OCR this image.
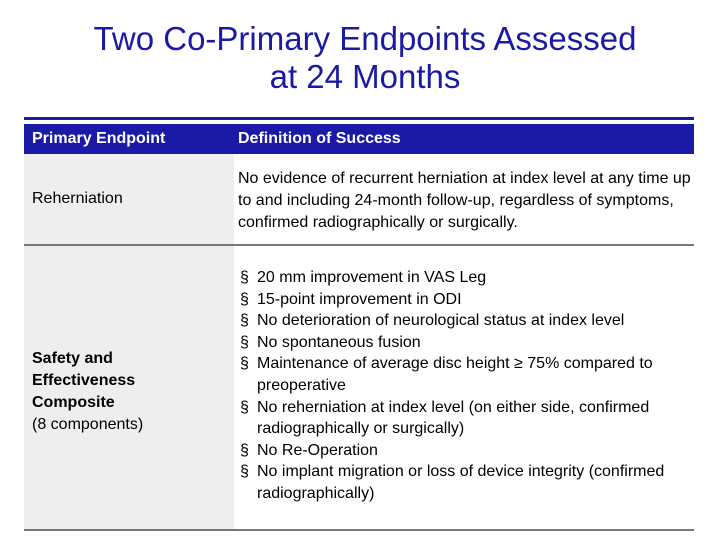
Two Co-Primary Endpoints Assessed
at 24 Months
Primary Endpoint	Definition of Success
Reherniation
No evidence of recurrent herniation at index level at any time up to and including 24-month follow-up, regardless of symptoms, confirmed radiographically or surgically.
Safety and
Effectiveness
Composite
(8 components)
§ 20 mm improvement in VAS Leg
§ 15-point improvement in ODI
§ No deterioration of neurological status at index level
§ No spontaneous fusion
§ Maintenance of average disc height ≥ 75% compared to preoperative
§ No reherniation at index level (on either side, confirmed radiographically or surgically)
§ No Re-Operation
§ No implant migration or loss of device integrity (confirmed radiographically)
